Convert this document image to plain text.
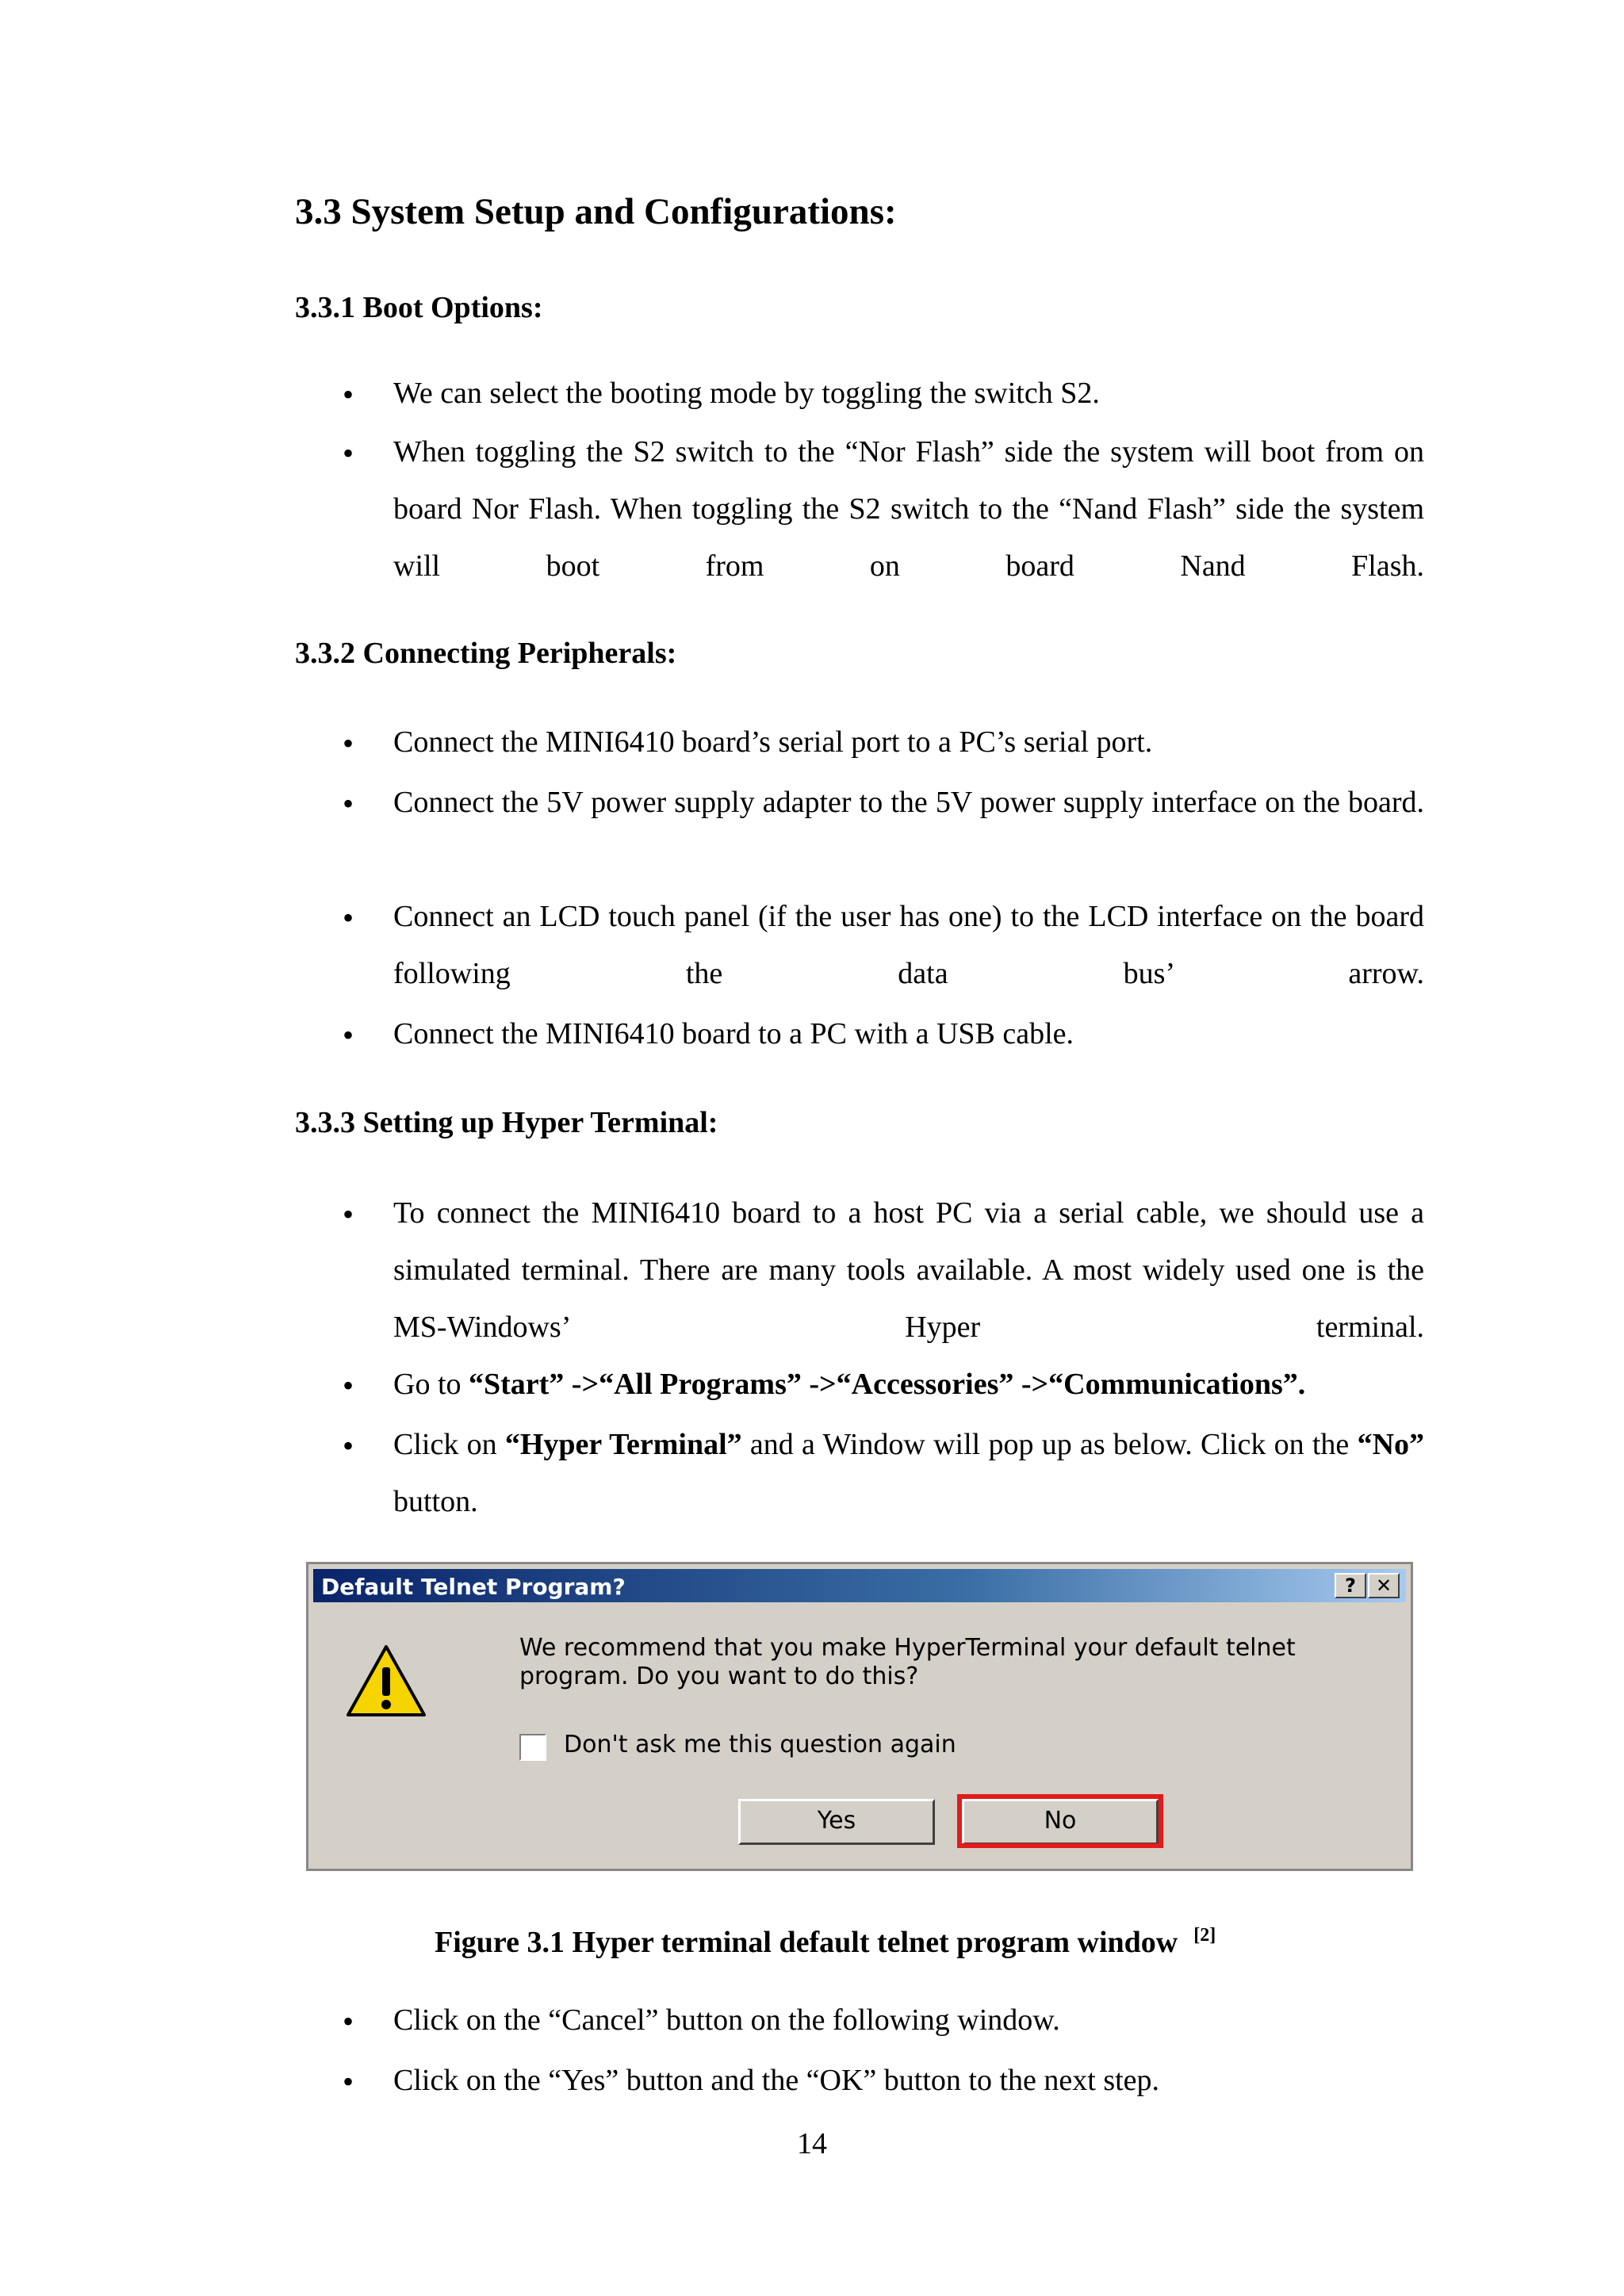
3.3 System Setup and Configurations:
3.3.1 Boot Options:
• We can select the booting mode by toggling the switch S2.
• When toggling the S2 switch to the “Nor Flash” side the system will boot from on board Nor Flash. When toggling the S2 switch to the “Nand Flash” side the system will boot from on board Nand Flash.
3.3.2 Connecting Peripherals:
• Connect the MINI6410 board’s serial port to a PC’s serial port.
• Connect the 5V power supply adapter to the 5V power supply interface on the board.
• Connect an LCD touch panel (if the user has one) to the LCD interface on the board following the data bus’ arrow.
• Connect the MINI6410 board to a PC with a USB cable.
3.3.3 Setting up Hyper Terminal:
• To connect the MINI6410 board to a host PC via a serial cable, we should use a simulated terminal. There are many tools available. A most widely used one is the MS-Windows’ Hyper terminal.
• Go to “Start” ->“All Programs” ->“Accessories” ->“Communications”.
• Click on “Hyper Terminal” and a Window will pop up as below. Click on the “No” button.
Default Telnet Program?	?	✕
We recommend that you make HyperTerminal your default telnet program. Do you want to do this?
Don't ask me this question again
Yes	No
Figure 3.1 Hyper terminal default telnet program window [2]
• Click on the “Cancel” button on the following window.
• Click on the “Yes” button and the “OK” button to the next step.
14
